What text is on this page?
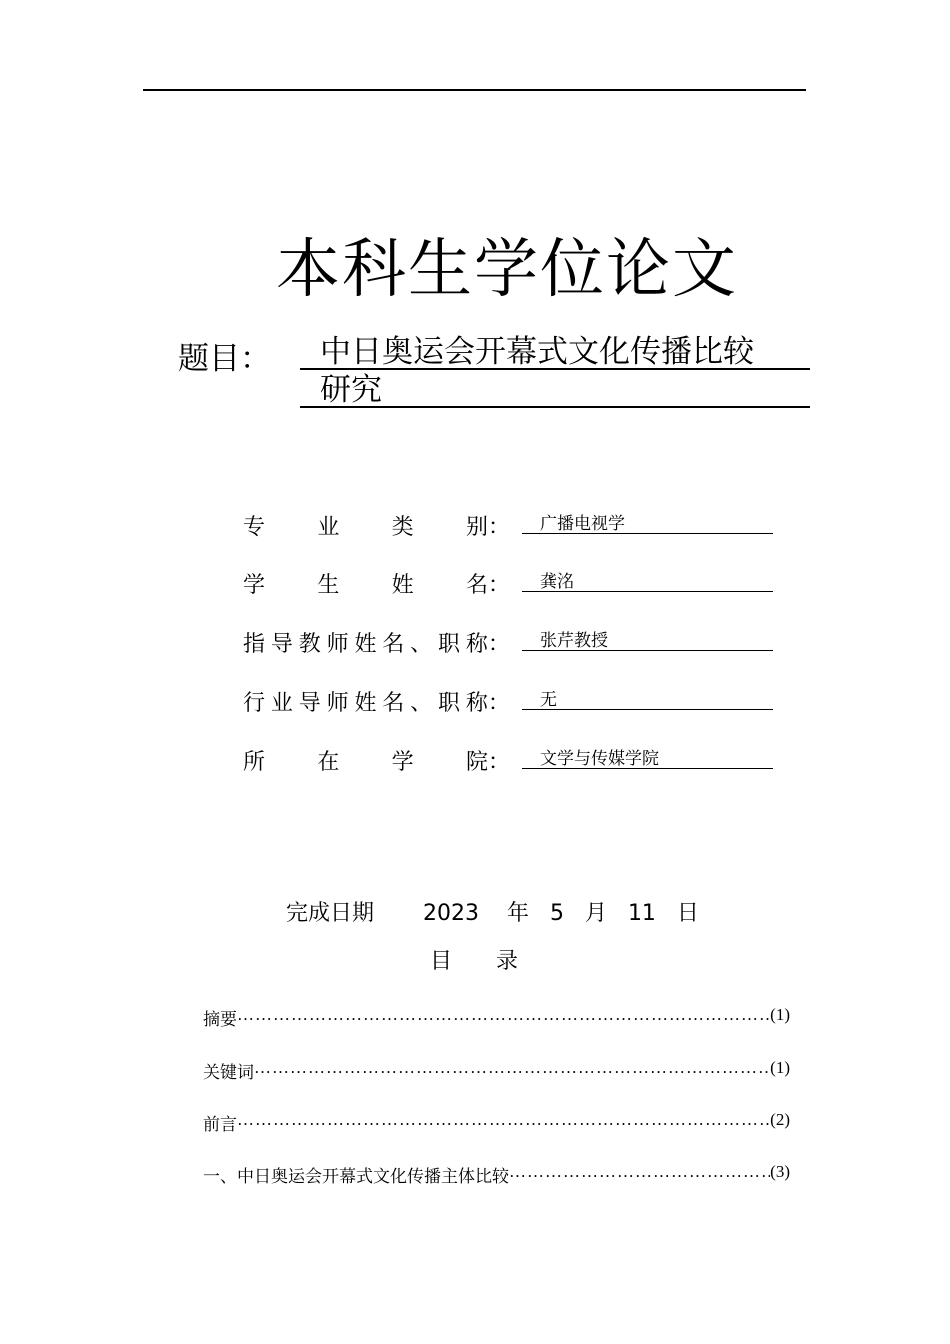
本科生学位论文
题目：	中日奥运会开幕式文化传播比较
研究
专 业 类 别：	广播电视学
学 生 姓 名：	龚洺
指 导 教 师 姓 名 、 职 称：	张芹教授
行 业 导 师 姓 名 、 职 称：	无
所 在 学 院：	文学与传媒学院
完成日期 2023 年 5 月 11 日
目　　录
摘要 ……………………………………………………………………………………………………………………………………	(1)
关键词 ……………………………………………………………………………………………………………………………………	(1)
前言 ……………………………………………………………………………………………………………………………………	(2)
一、中日奥运会开幕式文化传播主体比较 ……………………………………………………………………………………………………………………………………	(3)
